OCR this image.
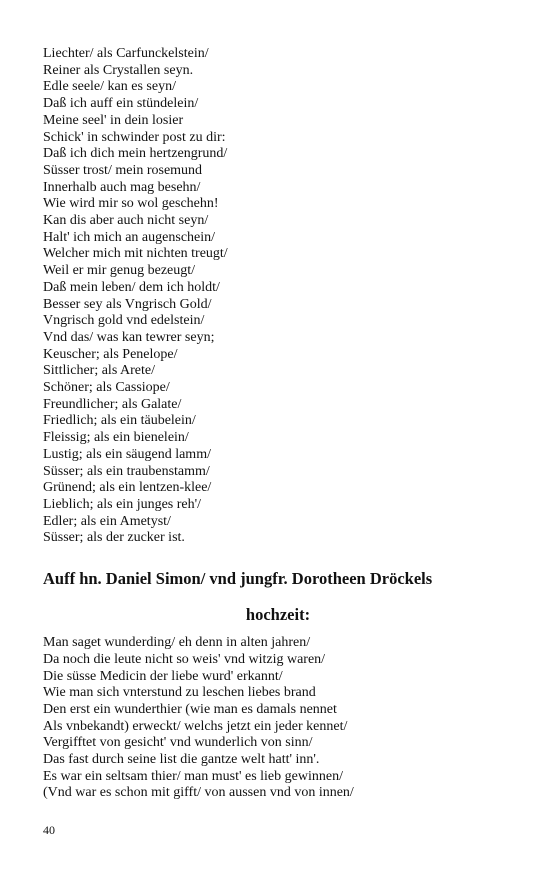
Liechter/ als Carfunckelstein/
Reiner als Crystallen seyn.
Edle seele/ kan es seyn/
Daß ich auff ein stündelein/
Meine seel' in dein losier
Schick' in schwinder post zu dir:
Daß ich dich mein hertzengrund/
Süsser trost/ mein rosemund
Innerhalb auch mag besehn/
Wie wird mir so wol geschehn!
Kan dis aber auch nicht seyn/
Halt' ich mich an augenschein/
Welcher mich mit nichten treugt/
Weil er mir genug bezeugt/
Daß mein leben/ dem ich holdt/
Besser sey als Vngrisch Gold/
Vngrisch gold vnd edelstein/
Vnd das/ was kan tewrer seyn;
Keuscher; als Penelope/
Sittlicher; als Arete/
Schöner; als Cassiope/
Freundlicher; als Galate/
Friedlich; als ein täubelein/
Fleissig; als ein bienelein/
Lustig; als ein säugend lamm/
Süsser; als ein traubenstamm/
Grünend; als ein lentzen-klee/
Lieblich; als ein junges reh'/
Edler; als ein Ametyst/
Süsser; als der zucker ist.
Auff hn. Daniel Simon/ vnd jungfr. Dorotheen Dröckels
hochzeit:
Man saget wunderding/ eh denn in alten jahren/
Da noch die leute nicht so weis' vnd witzig waren/
Die süsse Medicin der liebe wurd' erkannt/
Wie man sich vnterstund zu leschen liebes brand
Den erst ein wunderthier (wie man es damals nennet
Als vnbekandt) erweckt/ welchs jetzt ein jeder kennet/
Vergifftet von gesicht' vnd wunderlich von sinn/
Das fast durch seine list die gantze welt hatt' inn'.
Es war ein seltsam thier/ man must' es lieb gewinnen/
(Vnd war es schon mit gifft/ von aussen vnd von innen/
40
